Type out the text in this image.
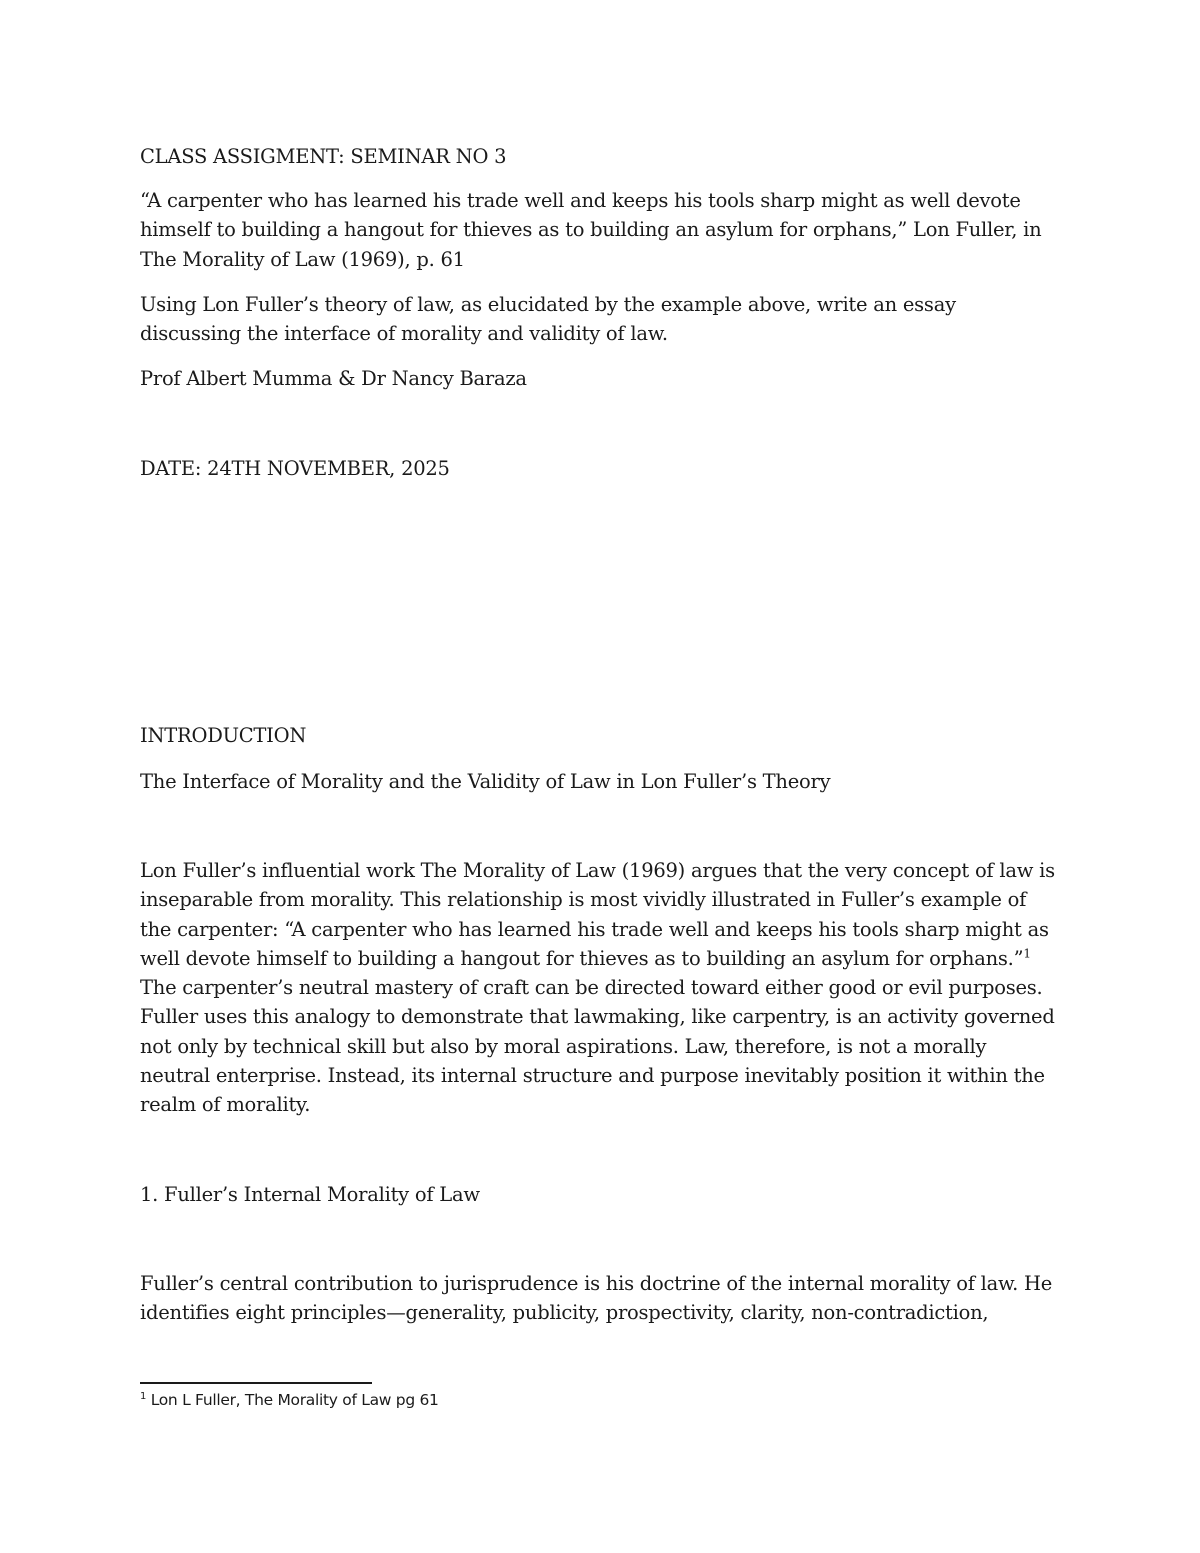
CLASS ASSIGMENT: SEMINAR NO 3

“A carpenter who has learned his trade well and keeps his tools sharp might as well devote himself to building a hangout for thieves as to building an asylum for orphans,” Lon Fuller, in The Morality of Law (1969), p. 61

Using Lon Fuller’s theory of law, as elucidated by the example above, write an essay discussing the interface of morality and validity of law.

Prof Albert Mumma & Dr Nancy Baraza

DATE: 24TH NOVEMBER, 2025

INTRODUCTION

The Interface of Morality and the Validity of Law in Lon Fuller’s Theory

Lon Fuller’s influential work The Morality of Law (1969) argues that the very concept of law is inseparable from morality. This relationship is most vividly illustrated in Fuller’s example of the carpenter: “A carpenter who has learned his trade well and keeps his tools sharp might as well devote himself to building a hangout for thieves as to building an asylum for orphans.”$^1$ The carpenter’s neutral mastery of craft can be directed toward either good or evil purposes. Fuller uses this analogy to demonstrate that lawmaking, like carpentry, is an activity governed not only by technical skill but also by moral aspirations. Law, therefore, is not a morally neutral enterprise. Instead, its internal structure and purpose inevitably position it within the realm of morality.

1. Fuller’s Internal Morality of Law

Fuller’s central contribution to jurisprudence is his doctrine of the internal morality of law. He identifies eight principles—generality, publicity, prospectivity, clarity, non-contradiction,

$^1$ Lon L Fuller, The Morality of Law pg 61
